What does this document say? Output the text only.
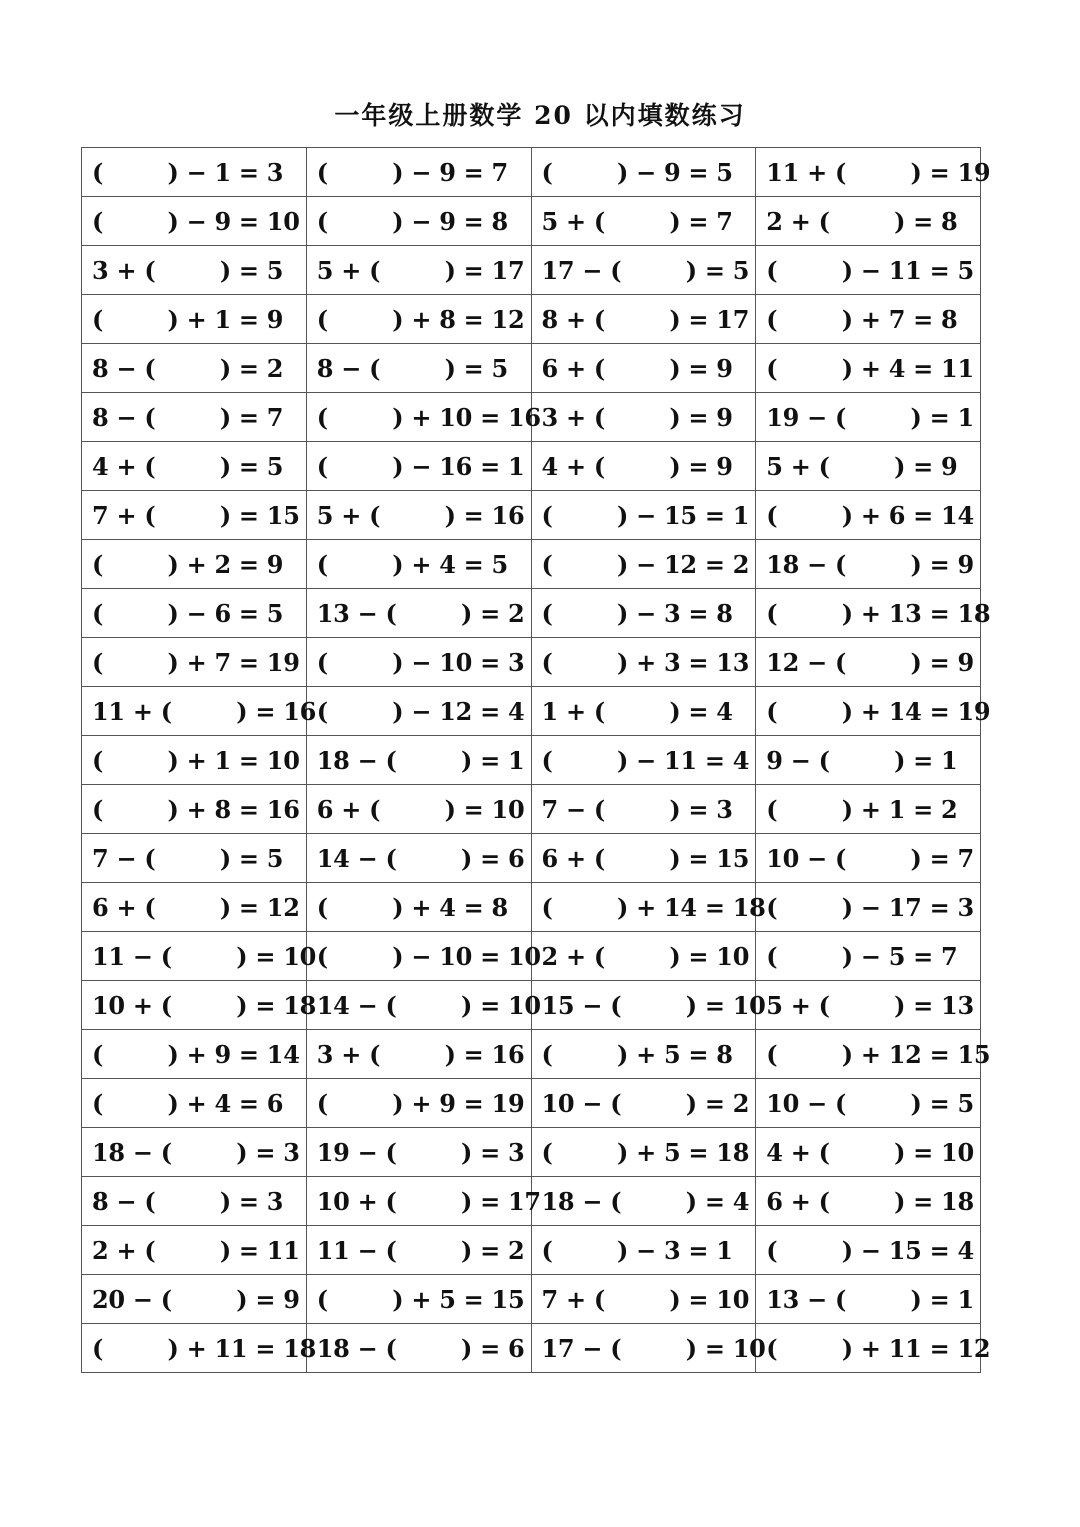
一年级上册数学 20 以内填数练习
(        ) − 1 = 3	(        ) − 9 = 7	(        ) − 9 = 5	11 + (        ) = 19
(        ) − 9 = 10	(        ) − 9 = 8	5 + (        ) = 7	2 + (        ) = 8
3 + (        ) = 5	5 + (        ) = 17	17 − (        ) = 5	(        ) − 11 = 5
(        ) + 1 = 9	(        ) + 8 = 12	8 + (        ) = 17	(        ) + 7 = 8
8 − (        ) = 2	8 − (        ) = 5	6 + (        ) = 9	(        ) + 4 = 11
8 − (        ) = 7	(        ) + 10 = 16	3 + (        ) = 9	19 − (        ) = 1
4 + (        ) = 5	(        ) − 16 = 1	4 + (        ) = 9	5 + (        ) = 9
7 + (        ) = 15	5 + (        ) = 16	(        ) − 15 = 1	(        ) + 6 = 14
(        ) + 2 = 9	(        ) + 4 = 5	(        ) − 12 = 2	18 − (        ) = 9
(        ) − 6 = 5	13 − (        ) = 2	(        ) − 3 = 8	(        ) + 13 = 18
(        ) + 7 = 19	(        ) − 10 = 3	(        ) + 3 = 13	12 − (        ) = 9
11 + (        ) = 16	(        ) − 12 = 4	1 + (        ) = 4	(        ) + 14 = 19
(        ) + 1 = 10	18 − (        ) = 1	(        ) − 11 = 4	9 − (        ) = 1
(        ) + 8 = 16	6 + (        ) = 10	7 − (        ) = 3	(        ) + 1 = 2
7 − (        ) = 5	14 − (        ) = 6	6 + (        ) = 15	10 − (        ) = 7
6 + (        ) = 12	(        ) + 4 = 8	(        ) + 14 = 18	(        ) − 17 = 3
11 − (        ) = 10	(        ) − 10 = 10	2 + (        ) = 10	(        ) − 5 = 7
10 + (        ) = 18	14 − (        ) = 10	15 − (        ) = 10	5 + (        ) = 13
(        ) + 9 = 14	3 + (        ) = 16	(        ) + 5 = 8	(        ) + 12 = 15
(        ) + 4 = 6	(        ) + 9 = 19	10 − (        ) = 2	10 − (        ) = 5
18 − (        ) = 3	19 − (        ) = 3	(        ) + 5 = 18	4 + (        ) = 10
8 − (        ) = 3	10 + (        ) = 17	18 − (        ) = 4	6 + (        ) = 18
2 + (        ) = 11	11 − (        ) = 2	(        ) − 3 = 1	(        ) − 15 = 4
20 − (        ) = 9	(        ) + 5 = 15	7 + (        ) = 10	13 − (        ) = 1
(        ) + 11 = 18	18 − (        ) = 6	17 − (        ) = 10	(        ) + 11 = 12
